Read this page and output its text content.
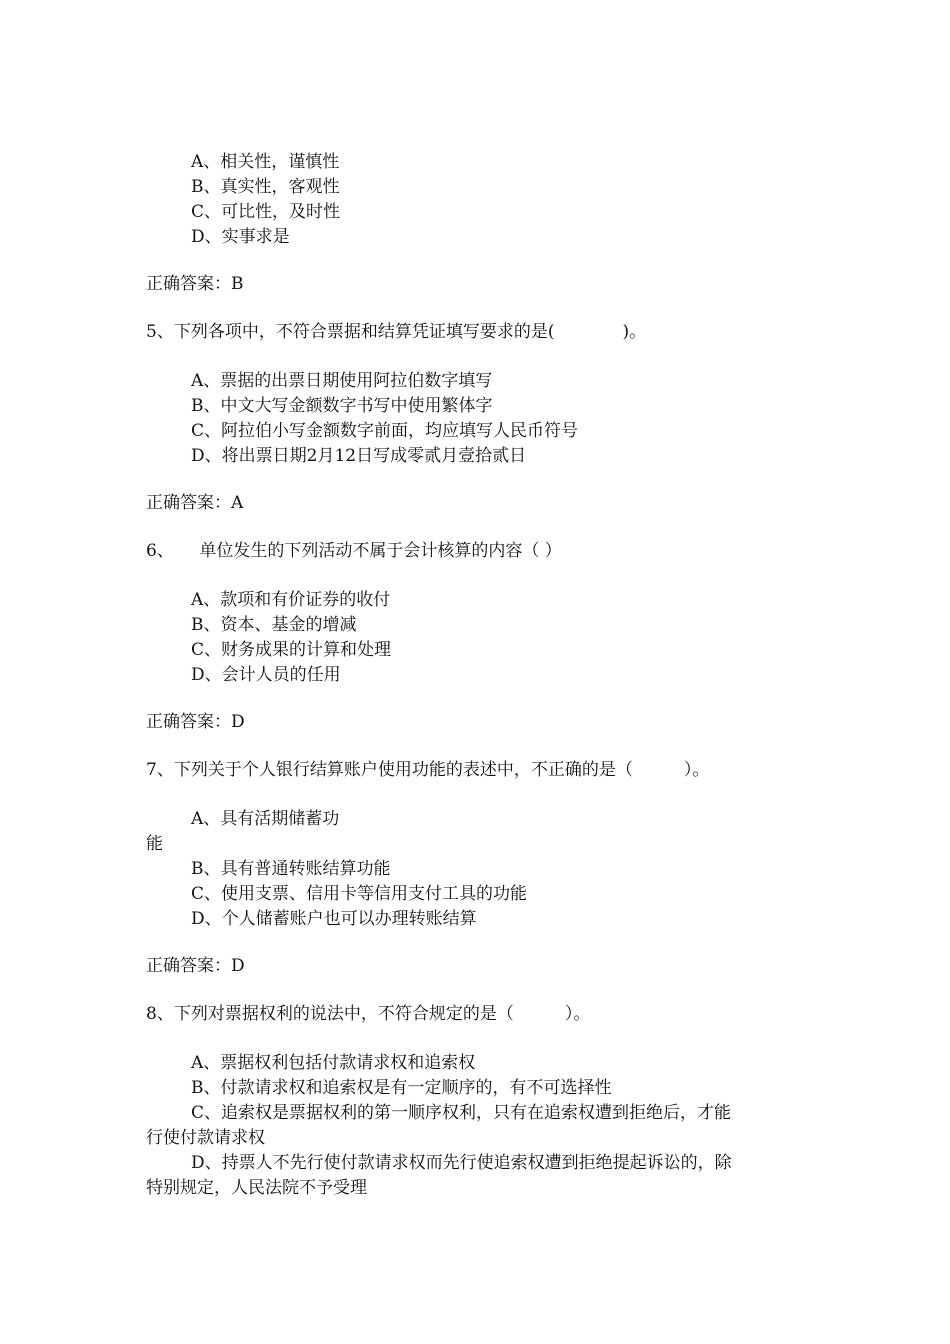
A、相关性，谨慎性
B、真实性，客观性
C、可比性，及时性
D、实事求是
正确答案：B
5、下列各项中，不符合票据和结算凭证填写要求的是(　　　　)。
A、票据的出票日期使用阿拉伯数字填写
B、中文大写金额数字书写中使用繁体字
C、阿拉伯小写金额数字前面，均应填写人民币符号
D、将出票日期2月12日写成零贰月壹拾贰日
正确答案：A
6、　　单位发生的下列活动不属于会计核算的内容（ ）
A、款项和有价证券的收付
B、资本、基金的增减
C、财务成果的计算和处理
D、会计人员的任用
正确答案：D
7、下列关于个人银行结算账户使用功能的表述中，不正确的是（　　　）。
A、具有活期储蓄功
能
B、具有普通转账结算功能
C、使用支票、信用卡等信用支付工具的功能
D、个人储蓄账户也可以办理转账结算
正确答案：D
8、下列对票据权利的说法中，不符合规定的是（　　　）。
A、票据权利包括付款请求权和追索权
B、付款请求权和追索权是有一定顺序的，有不可选择性
C、追索权是票据权利的第一顺序权利，只有在追索权遭到拒绝后，才能
行使付款请求权
D、持票人不先行使付款请求权而先行使追索权遭到拒绝提起诉讼的，除
特别规定，人民法院不予受理
